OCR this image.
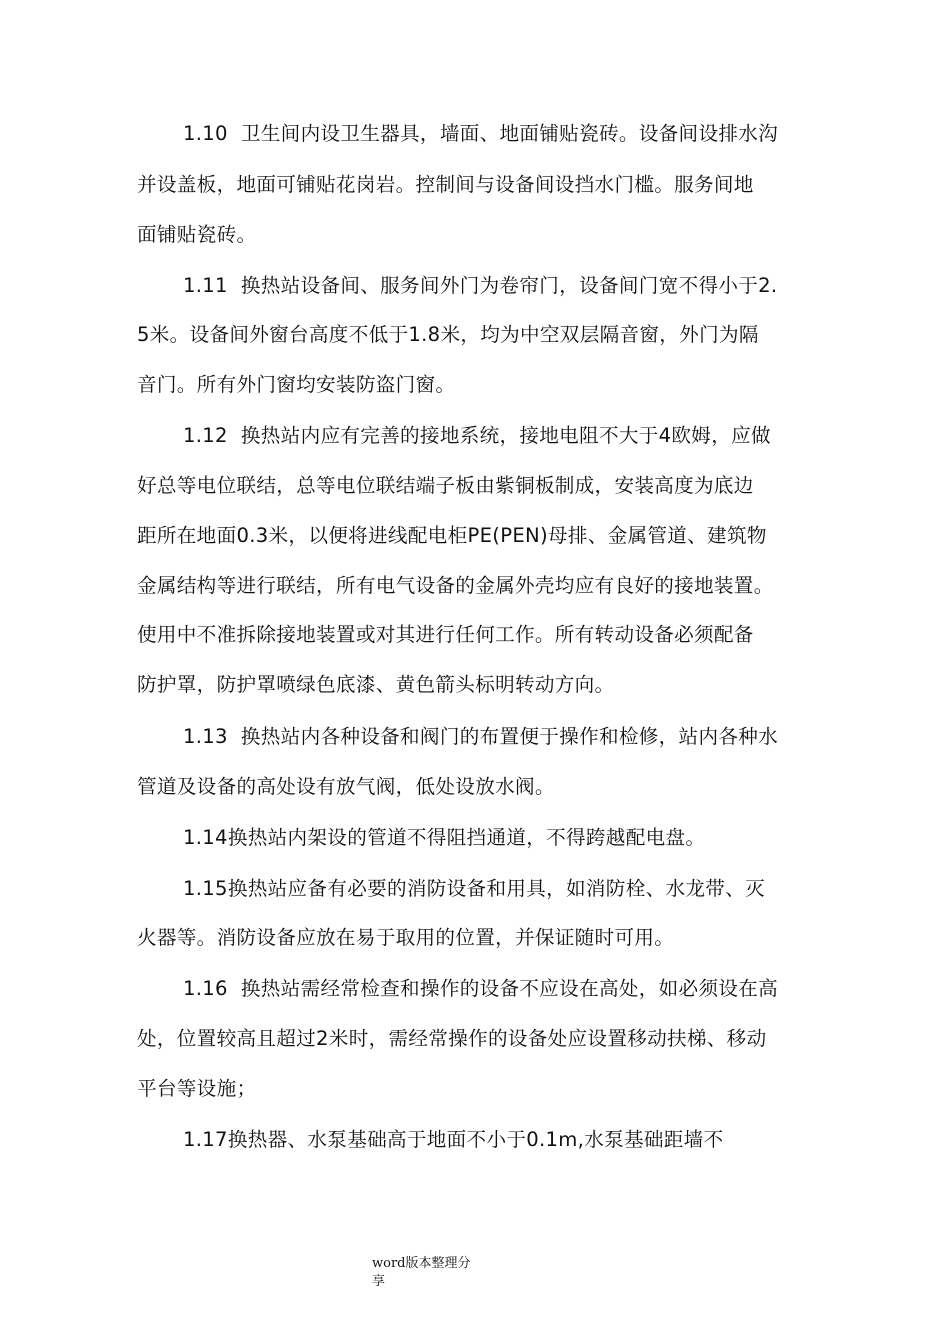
1.10  卫生间内设卫生器具，墙面、地面铺贴瓷砖。设备间设排水沟
并设盖板，地面可铺贴花岗岩。控制间与设备间设挡水门槛。服务间地
面铺贴瓷砖。
1.11  换热站设备间、服务间外门为卷帘门，设备间门宽不得小于2.
5米。设备间外窗台高度不低于1.8米，均为中空双层隔音窗，外门为隔
音门。所有外门窗均安装防盗门窗。
1.12  换热站内应有完善的接地系统，接地电阻不大于4欧姆，应做
好总等电位联结，总等电位联结端子板由紫铜板制成，安装高度为底边
距所在地面0.3米，以便将进线配电柜PE(PEN)母排、金属管道、建筑物
金属结构等进行联结，所有电气设备的金属外壳均应有良好的接地装置。
使用中不准拆除接地装置或对其进行任何工作。所有转动设备必须配备
防护罩，防护罩喷绿色底漆、黄色箭头标明转动方向。
1.13  换热站内各种设备和阀门的布置便于操作和检修，站内各种水
管道及设备的高处设有放气阀，低处设放水阀。
1.14换热站内架设的管道不得阻挡通道，不得跨越配电盘。
1.15换热站应备有必要的消防设备和用具，如消防栓、水龙带、灭
火器等。消防设备应放在易于取用的位置，并保证随时可用。
1.16  换热站需经常检查和操作的设备不应设在高处，如必须设在高
处，位置较高且超过2米时，需经常操作的设备处应设置移动扶梯、移动
平台等设施；
1.17换热器、水泵基础高于地面不小于0.1m,水泵基础距墙不
word版本整理分
享
